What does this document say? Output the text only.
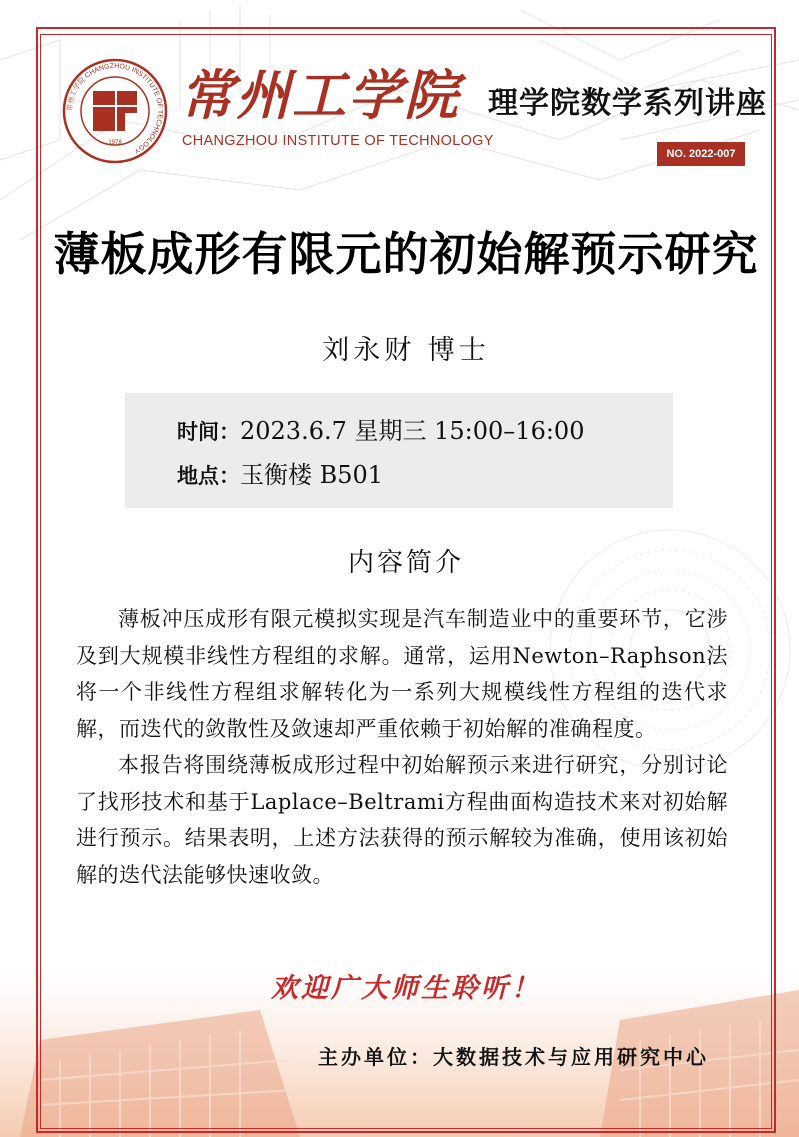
1978
常州工学院 CHANGZHOU INSTITUTE OF TECHNOLOGY
常州工学院
CHANGZHOU INSTITUTE OF TECHNOLOGY
理学院数学系列讲座
NO. 2022-007
薄板成形有限元的初始解预示研究
刘永财 博士
时间：2023.6.7 星期三 15:00–16:00
地点：玉衡楼 B501
内容简介

薄板冲压成形有限元模拟实现是汽车制造业中的重要环节，它涉及到大规模非线性方程组的求解。通常，运用Newton–Raphson法将一个非线性方程组求解转化为一系列大规模线性方程组的迭代求解，而迭代的敛散性及敛速却严重依赖于初始解的准确程度。

本报告将围绕薄板成形过程中初始解预示来进行研究，分别讨论了找形技术和基于Laplace–Beltrami方程曲面构造技术来对初始解进行预示。结果表明，上述方法获得的预示解较为准确，使用该初始解的迭代法能够快速收敛。

欢迎广大师生聆听！
主办单位：大数据技术与应用研究中心
